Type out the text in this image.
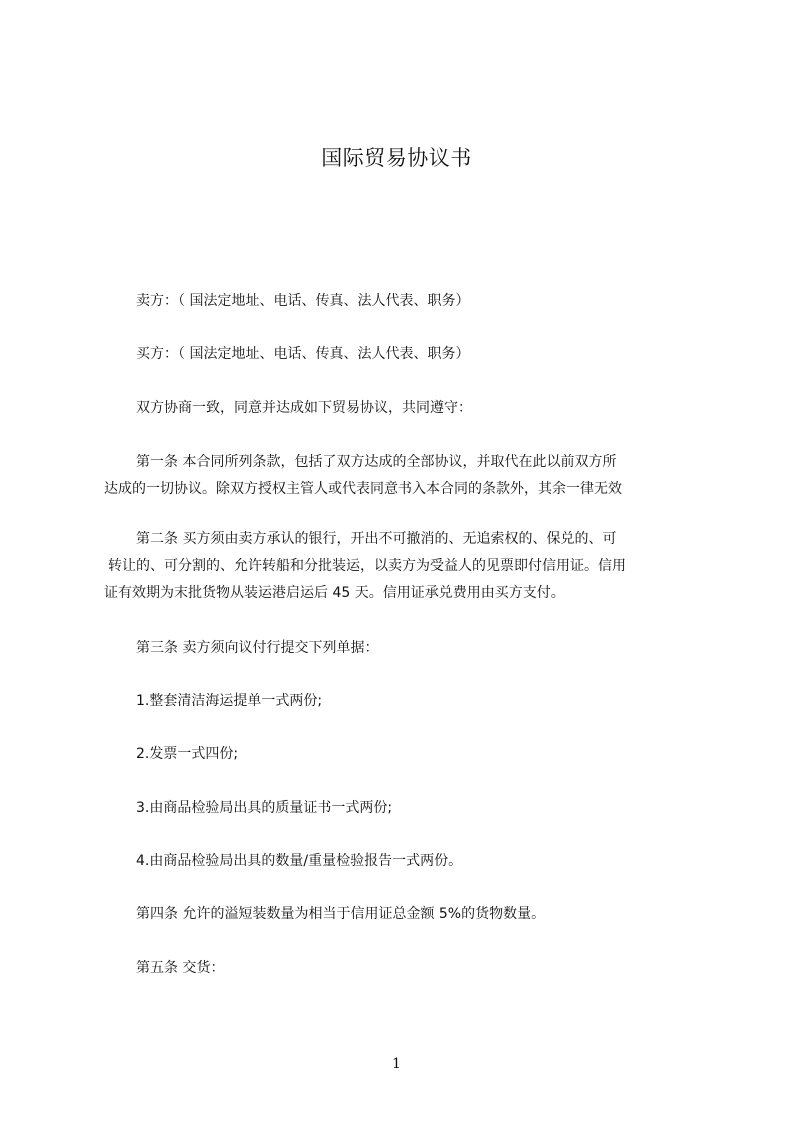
国际贸易协议书

卖方：（ 国法定地址、电话、传真、法人代表、职务）

买方：（ 国法定地址、电话、传真、法人代表、职务）

双方协商一致，同意并达成如下贸易协议，共同遵守：

第一条 本合同所列条款，包括了双方达成的全部协议，并取代在此以前双方所
达成的一切协议。除双方授权主管人或代表同意书入本合同的条款外，其余一律无效
第二条 买方须由卖方承认的银行，开出不可撤消的、无追索权的、保兑的、可
转让的、可分割的、允许转船和分批装运，以卖方为受益人的见票即付信用证。信用
证有效期为末批货物从装运港启运后 45 天。信用证承兑费用由买方支付。

第三条 卖方须向议付行提交下列单据：

1.整套清洁海运提单一式两份;

2.发票一式四份;

3.由商品检验局出具的质量证书一式两份;

4.由商品检验局出具的数量/重量检验报告一式两份。

第四条 允许的溢短装数量为相当于信用证总金额 5%的货物数量。

第五条 交货：

1
